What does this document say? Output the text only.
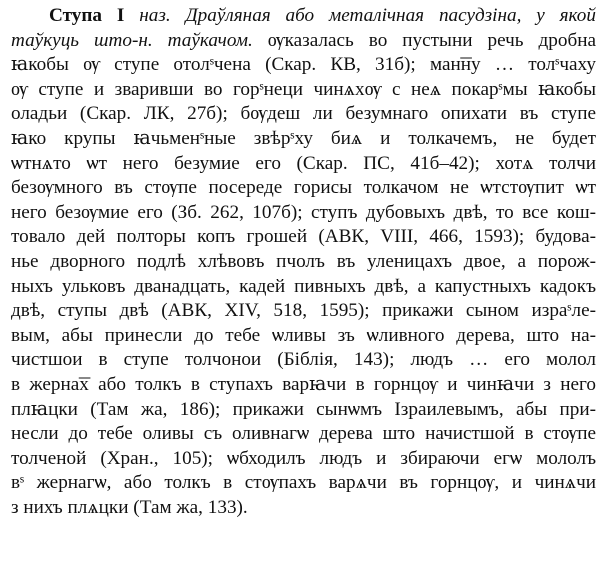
Ступа I наз. Драўляная або металічная пасудзіна, у якой
таўкуць што-н. таўкачом. ѹказалась во пустыни речь дробна
ꙗкобы ѹ ступе отолˢчена (Скар. КВ, 31б); ман͞ну … толˢчаху
ѹ ступе и зваривши во горˢнеци чинѧхѹ с неѧ покарˢмы ꙗкобы
оладьи (Скар. ЛК, 27б); бѹдеш ли безумнаго опихати въ ступе
ꙗко крупы ꙗчьменˢные звѣрˢху биѧ и толкачемъ, не будет
ѡтнѧто ѡт него безумие его (Скар. ПС, 41б–42); хотѧ толчи
безѹмного въ стѹпе посереде горисы толкачом не ѡтстѹпит ѡт
него безѹмие его (Зб. 262, 107б); ступъ дубовыхъ двѣ, то все кош-
товало дей полторы копъ грошей (АВК, VIII, 466, 1593); будова-
нье дворного подлѣ хлѣвовъ пчолъ въ уленицахъ двое, а порож-
ныхъ ульковъ дванадцать, кадей пивныхъ двѣ, а капустныхъ кадокъ
двѣ, ступы двѣ (АВК, XIV, 518, 1595); прикажи сыном израˢле-
вым, абы принесли до тебе ѡливы зъ ѡливного дерева, што на-
чистшои в ступе толчонои (Біблія, 143); людъ … его молол
в жерна͞х або толкъ в ступахъ варꙗчи в горнцѹ и чинꙗчи з него
плꙗцки (Там жа, 186); прикажи сынѡмъ Ізраилевымъ, абы при-
несли до тебе оливы съ оливнагѡ дерева што начистшой в стѹпе
толченой (Хран., 105); ѡбходилъ людъ и збираючи егѡ мололъ
вˢ жернагѡ, або толкъ в стѹпахъ варѧчи въ горнцѹ, и чинѧчи
з нихъ плѧцки (Там жа, 133).
